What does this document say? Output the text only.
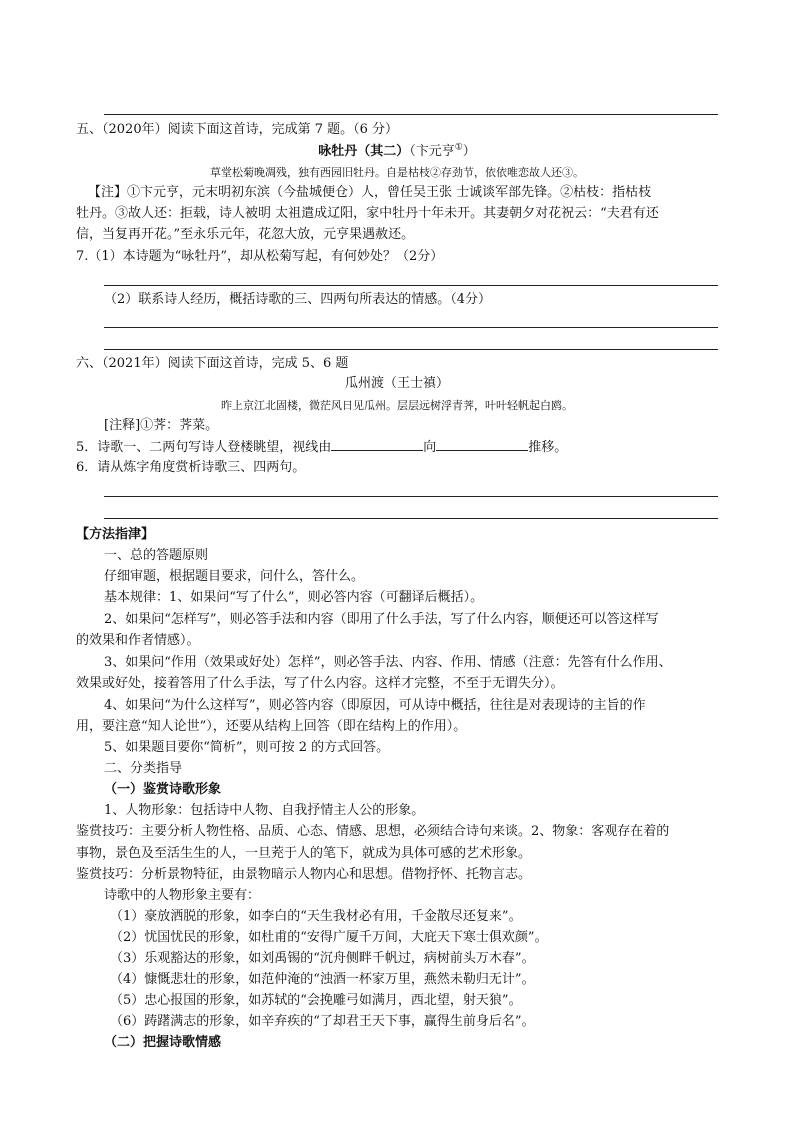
五、（2020年）阅读下面这首诗，完成第 7 题。（6 分）
咏牡丹（其二）（卞元亨①）
草堂松菊晚凋残，独有西园旧牡丹。自是枯枝②存劲节，依依唯恋故人还③。
【注】①卞元亨，元末明初东滨（今盐城便仓）人，曾任吴王张 士诚谈军部先锋。②枯枝：指枯枝
牡丹。③故人还：拒载，诗人被明 太祖遣成辽阳，家中牡丹十年未开。其妻朝夕对花祝云：“夫君有还
信，当复再开花。”至永乐元年，花忽大放，元亨果遇赦还。
7.（1）本诗题为“咏牡丹”，却从松菊写起，有何妙处？（2分）
（2）联系诗人经历，概括诗歌的三、四两句所表达的情感。（4分）
六、（2021年）阅读下面这首诗，完成 5、6 题
瓜州渡（王士禛）
昨上京江北固楼，微茫风日见瓜州。层层远树浮青荠，叶叶轻帆起白鸥。
[注释]①荠：荠菜。
5．诗歌一、二两句写诗人登楼眺望，视线由	向	推移。
6．请从炼字角度赏析诗歌三、四两句。
【方法指津】
一、总的答题原则
仔细审题，根据题目要求，问什么，答什么。
基本规律：1、如果问“写了什么”，则必答内容（可翻译后概括）。
2、如果问“怎样写”，则必答手法和内容（即用了什么手法，写了什么内容，顺便还可以答这样写
的效果和作者情感）。
3、如果问“作用（效果或好处）怎样”，则必答手法、内容、作用、情感（注意：先答有什么作用、
效果或好处，接着答用了什么手法，写了什么内容。这样才完整，不至于无谓失分）。
4、如果问“为什么这样写”，则必答内容（即原因，可从诗中概括，往往是对表现诗的主旨的作
用，要注意“知人论世”），还要从结构上回答（即在结构上的作用）。
5、如果题目要你“简析”，则可按 2 的方式回答。
二、分类指导
（一）鉴赏诗歌形象
1、人物形象：包括诗中人物、自我抒情主人公的形象。
鉴赏技巧：主要分析人物性格、品质、心态、情感、思想，必须结合诗句来谈。2、物象：客观存在着的
事物，景色及至活生生的人，一旦茺于人的笔下，就成为具体可感的艺术形象。
鉴赏技巧：分析景物特征，由景物暗示人物内心和思想。借物抒怀、托物言志。
诗歌中的人物形象主要有：
（1）豪放洒脱的形象，如李白的“天生我材必有用，千金散尽还复来”。
（2）忧国忧民的形象，如杜甫的“安得广厦千万间，大庇天下寒士俱欢颜”。
（3）乐观豁达的形象，如刘禹锡的“沉舟侧畔千帆过，病树前头万木春”。
（4）慷慨悲壮的形象，如范仲淹的“浊酒一杯家万里，燕然未勒归无计”。
（5）忠心报国的形象，如苏轼的“会挽雕弓如满月，西北望，射天狼”。
（6）踌躇满志的形象，如辛弃疾的“了却君王天下事，赢得生前身后名”。
（二）把握诗歌情感
